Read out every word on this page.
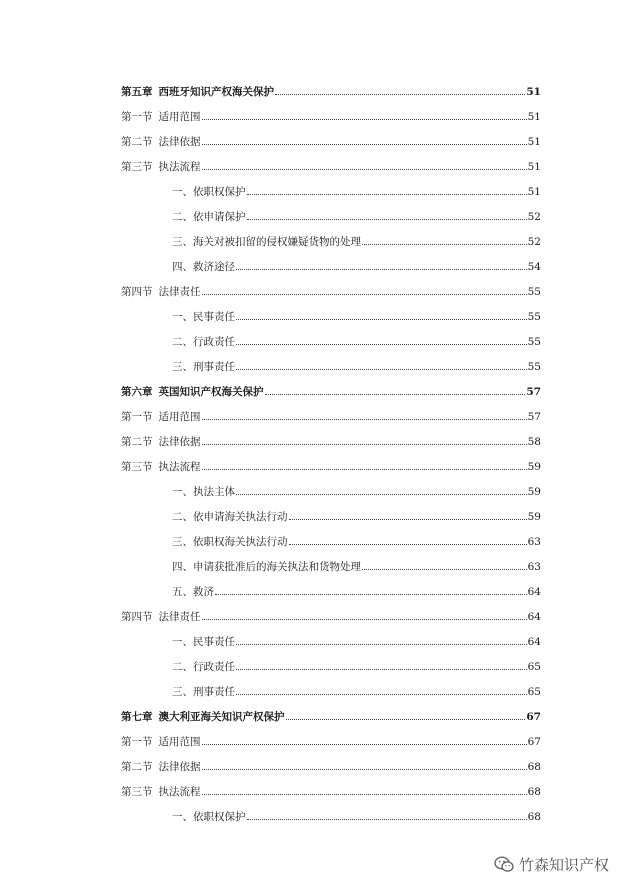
第五章 西班牙知识产权海关保护	51
第一节 适用范围	51
第二节 法律依据	51
第三节 执法流程	51
一、依职权保护	51
二、依申请保护	52
三、海关对被扣留的侵权嫌疑货物的处理	52
四、救济途径	54
第四节 法律责任	55
一、民事责任	55
二、行政责任	55
三、刑事责任	55
第六章 英国知识产权海关保护	57
第一节 适用范围	57
第二节 法律依据	58
第三节 执法流程	59
一、执法主体	59
二、依申请海关执法行动	59
三、依职权海关执法行动	63
四、申请获批准后的海关执法和货物处理	63
五、救济	64
第四节 法律责任	64
一、民事责任	64
二、行政责任	65
三、刑事责任	65
第七章 澳大利亚海关知识产权保护	67
第一节 适用范围	67
第二节 法律依据	68
第三节 执法流程	68
一、依职权保护	68
竹森知识产权
